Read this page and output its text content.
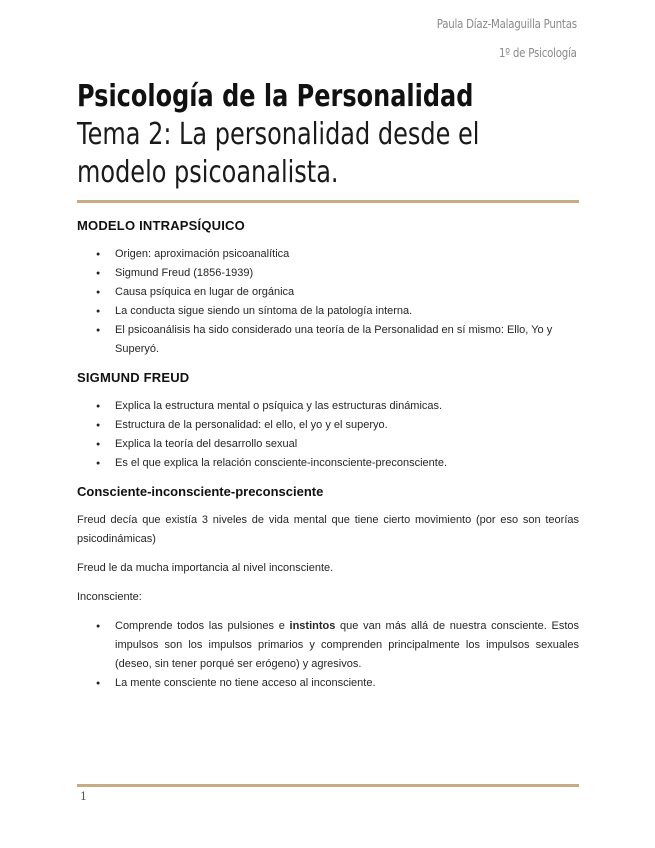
Paula Díaz-Malaguilla Puntas
1º de Psicología
Psicología de la Personalidad
Tema 2: La personalidad desde el modelo psicoanalista.
MODELO INTRAPSÍQUICO
● Origen: aproximación psicoanalítica
● Sigmund Freud (1856-1939)
● Causa psíquica en lugar de orgánica
● La conducta sigue siendo un síntoma de la patología interna.
● El psicoanálisis ha sido considerado una teoría de la Personalidad en sí mismo: Ello, Yo y Superyó.
SIGMUND FREUD
● Explica la estructura mental o psíquica y las estructuras dinámicas.
● Estructura de la personalidad: el ello, el yo y el superyo.
● Explica la teoría del desarrollo sexual
● Es el que explica la relación consciente-inconsciente-preconsciente.
Consciente-inconsciente-preconsciente

Freud decía que existía 3 niveles de vida mental que tiene cierto movimiento (por eso son teorías psicodinámicas)

Freud le da mucha importancia al nivel inconsciente.

Inconsciente:

● Comprende todos las pulsiones e instintos que van más allá de nuestra consciente. Estos impulsos son los impulsos primarios y comprenden principalmente los impulsos sexuales (deseo, sin tener porqué ser erógeno) y agresivos.
● La mente consciente no tiene acceso al inconsciente.
1
